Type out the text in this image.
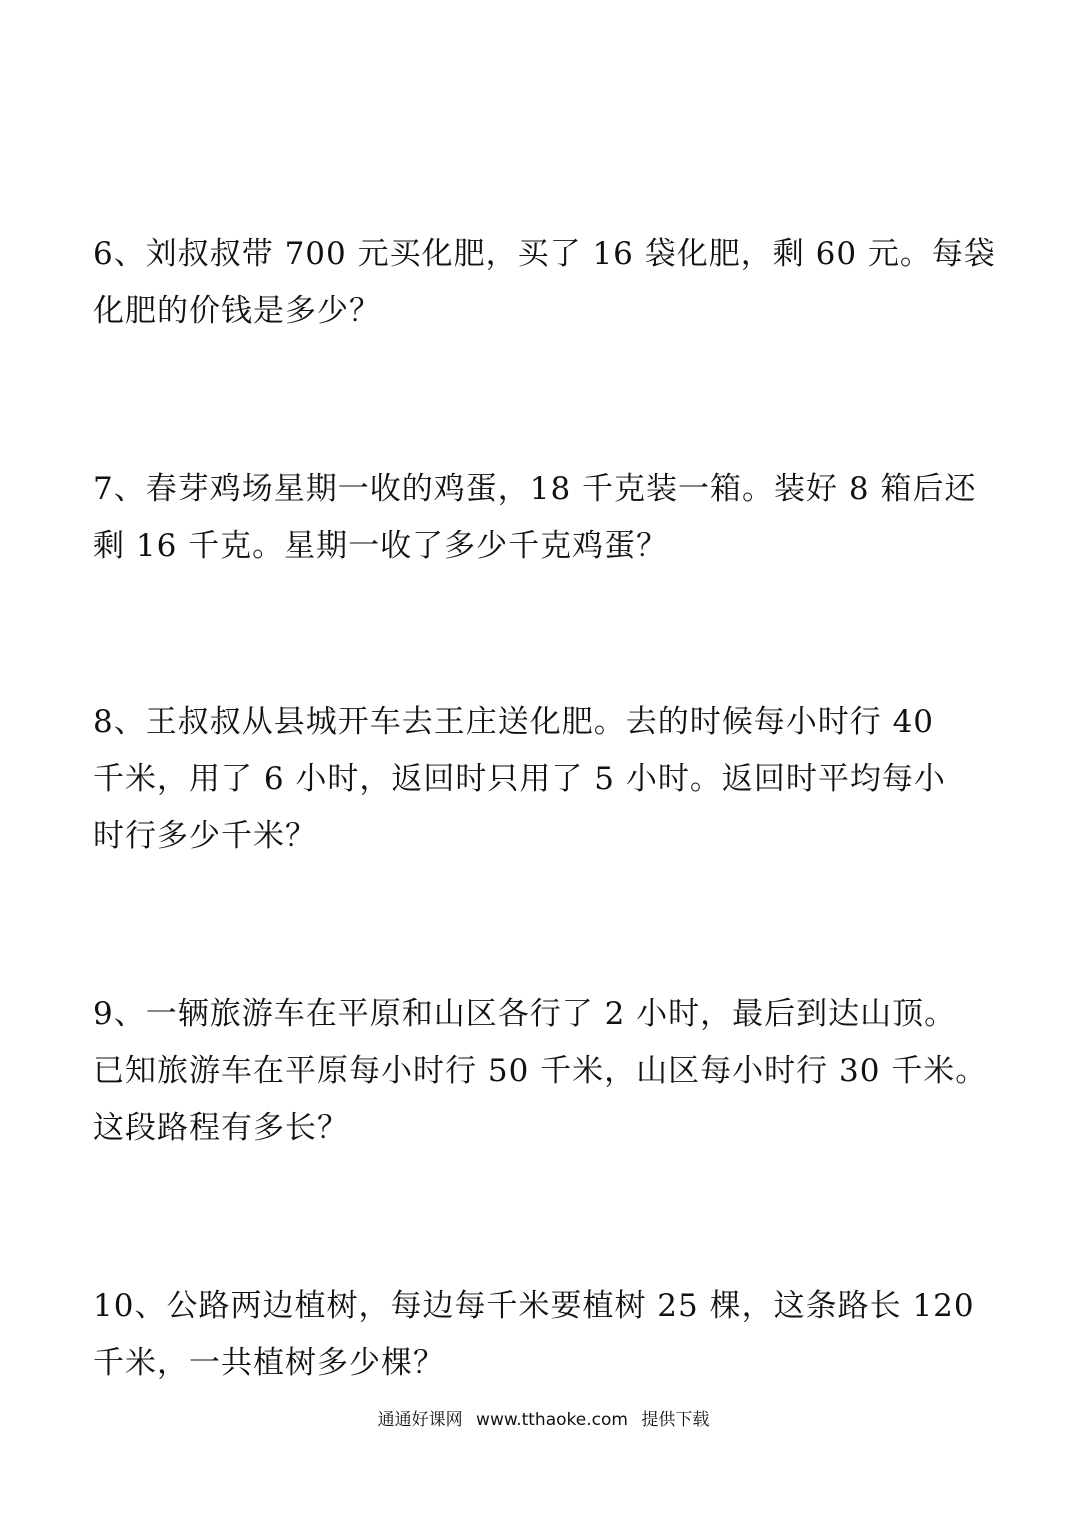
6、刘叔叔带 700 元买化肥，买了 16 袋化肥，剩 60 元。每袋
化肥的价钱是多少？
7、春芽鸡场星期一收的鸡蛋，18 千克装一箱。装好 8 箱后还
剩 16 千克。星期一收了多少千克鸡蛋？
8、王叔叔从县城开车去王庄送化肥。去的时候每小时行 40
千米，用了 6 小时，返回时只用了 5 小时。返回时平均每小
时行多少千米？
9、一辆旅游车在平原和山区各行了 2 小时，最后到达山顶。
已知旅游车在平原每小时行 50 千米，山区每小时行 30 千米。
这段路程有多长？
10、公路两边植树，每边每千米要植树 25 棵，这条路长 120
千米，一共植树多少棵？
通通好课网 www.tthaoke.com 提供下载
